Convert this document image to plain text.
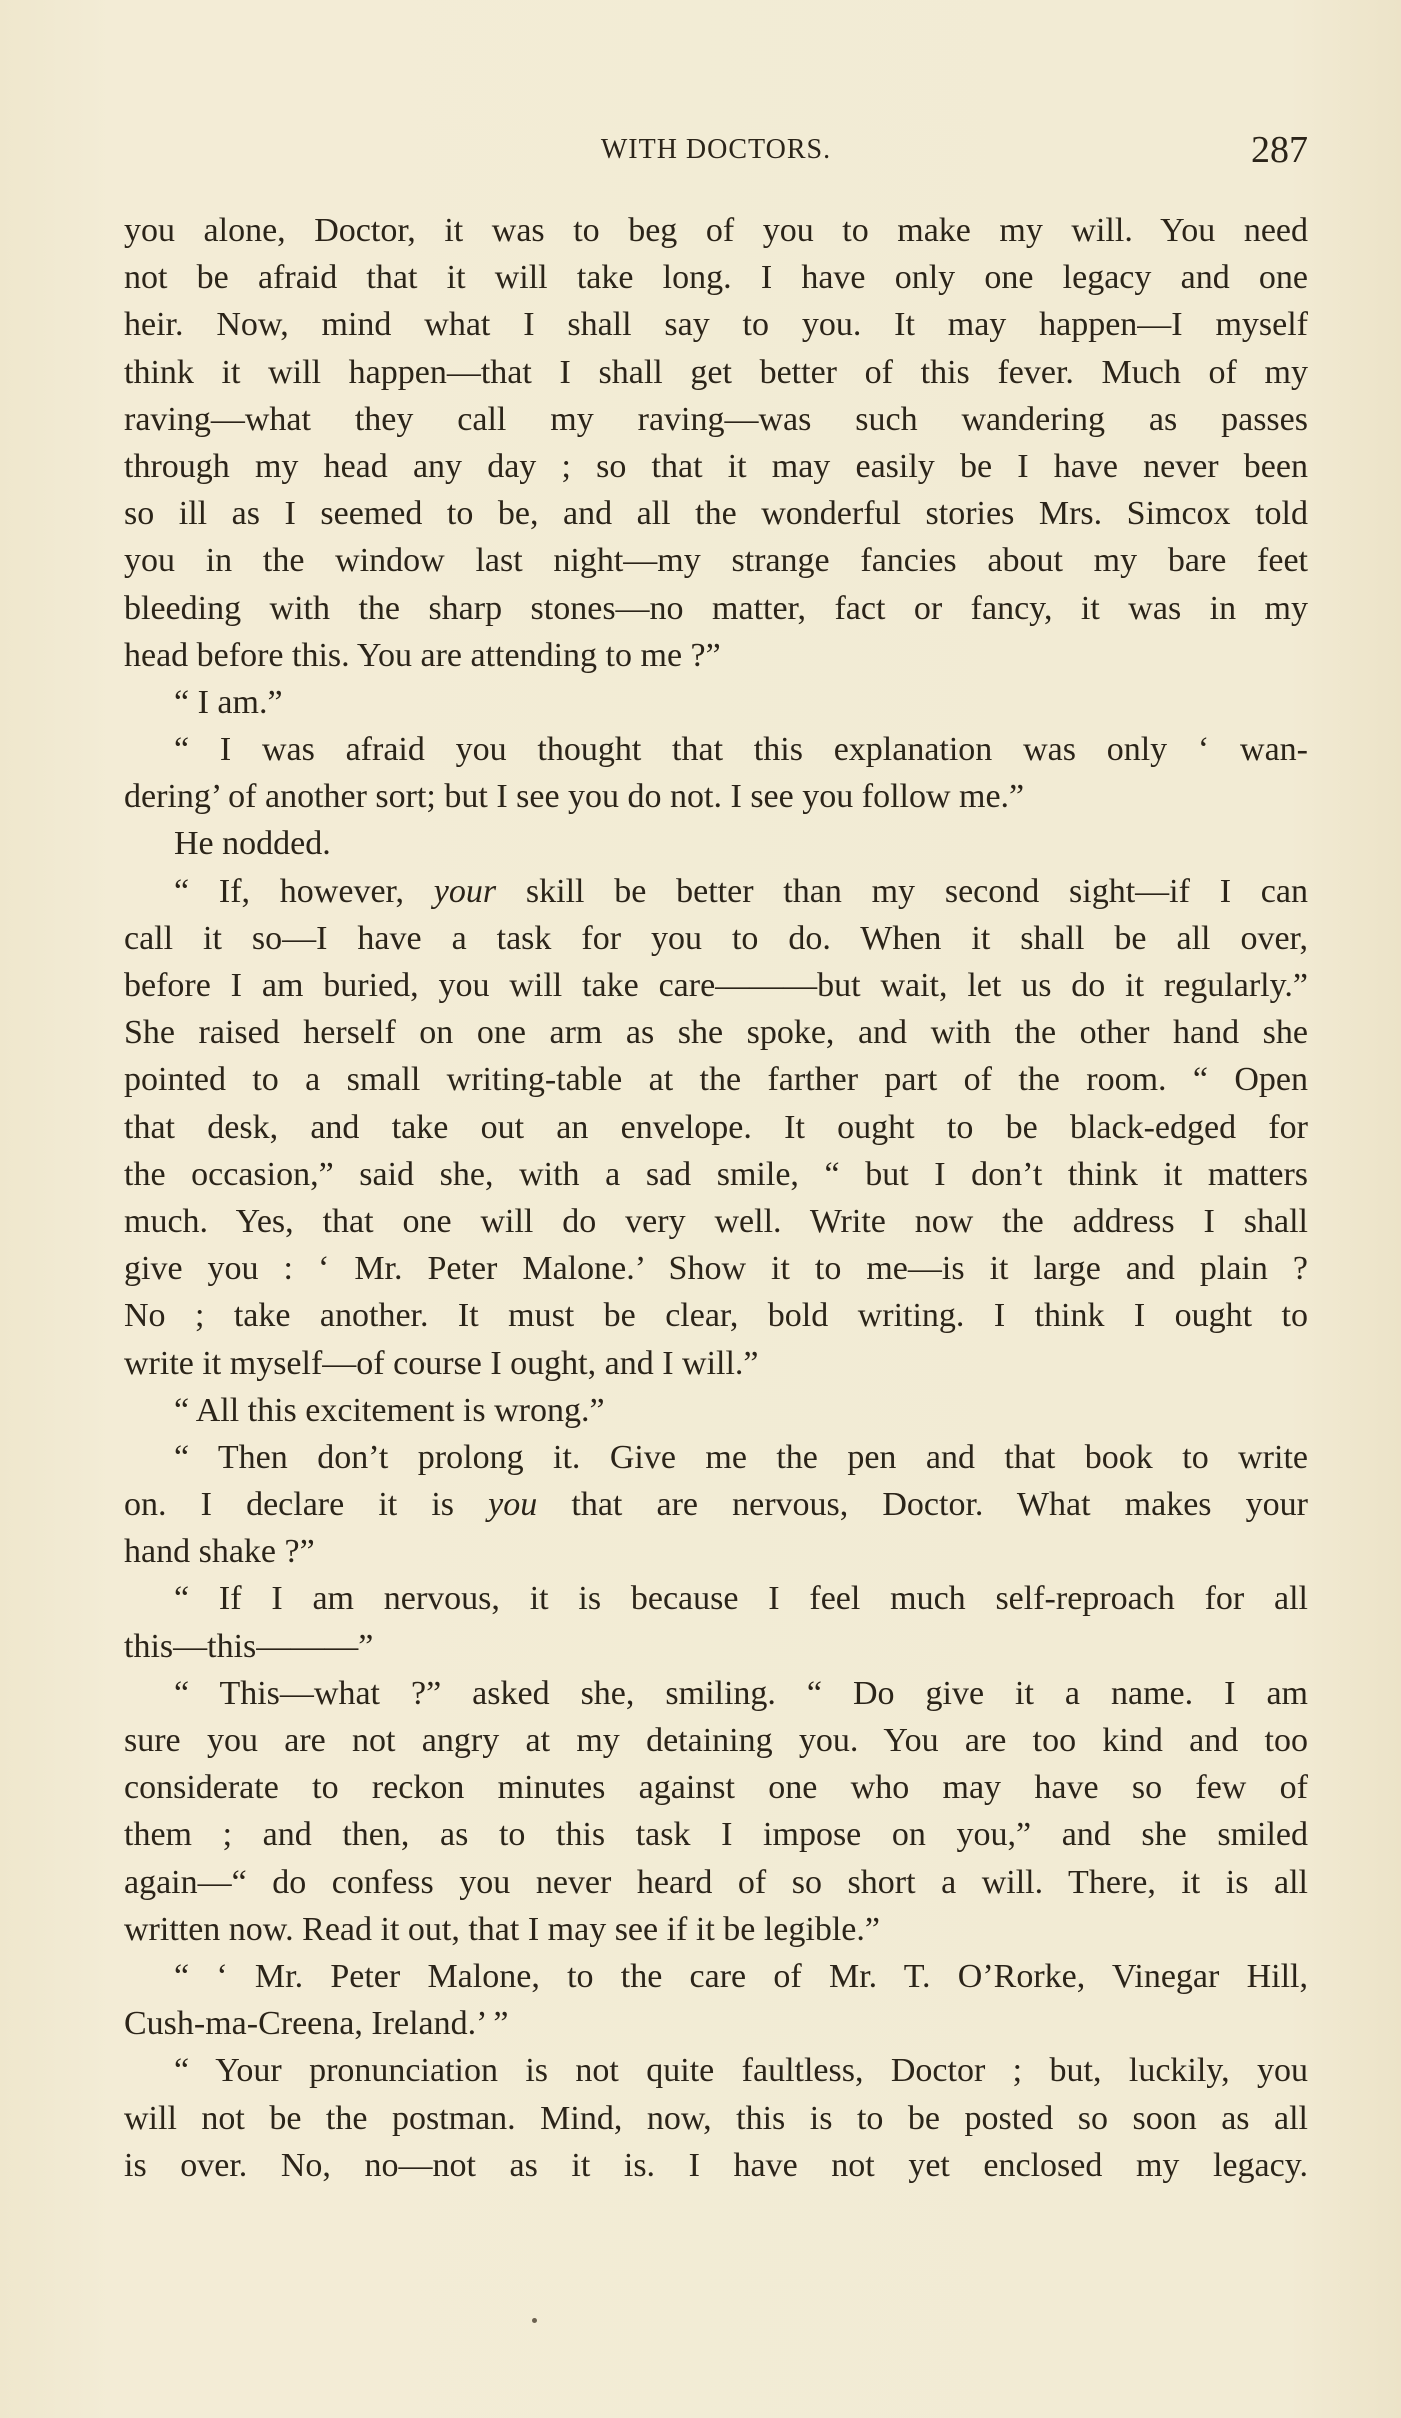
WITH DOCTORS.	287
you alone, Doctor, it was to beg of you to make my will. You need
not be afraid that it will take long. I have only one legacy and one
heir. Now, mind what I shall say to you. It may happen—I myself
think it will happen—that I shall get better of this fever. Much of my
raving—what they call my raving—was such wandering as passes
through my head any day ; so that it may easily be I have never been
so ill as I seemed to be, and all the wonderful stories Mrs. Simcox told
you in the window last night—my strange fancies about my bare feet
bleeding with the sharp stones—no matter, fact or fancy, it was in my
head before this. You are attending to me ?”
“ I am.”
“ I was afraid you thought that this explanation was only ‘ wan-
dering’ of another sort; but I see you do not. I see you follow me.”
He nodded.
“ If, however, your skill be better than my second sight—if I can
call it so—I have a task for you to do. When it shall be all over,
before I am buried, you will take care———but wait, let us do it regularly.”
She raised herself on one arm as she spoke, and with the other hand she
pointed to a small writing-table at the farther part of the room. “ Open
that desk, and take out an envelope. It ought to be black-edged for
the occasion,” said she, with a sad smile, “ but I don’t think it matters
much. Yes, that one will do very well. Write now the address I shall
give you : ‘ Mr. Peter Malone.’ Show it to me—is it large and plain ?
No ; take another. It must be clear, bold writing. I think I ought to
write it myself—of course I ought, and I will.”
“ All this excitement is wrong.”
“ Then don’t prolong it. Give me the pen and that book to write
on. I declare it is you that are nervous, Doctor. What makes your
hand shake ?”
“ If I am nervous, it is because I feel much self-reproach for all
this—this———”
“ This—what ?” asked she, smiling. “ Do give it a name. I am
sure you are not angry at my detaining you. You are too kind and too
considerate to reckon minutes against one who may have so few of
them ; and then, as to this task I impose on you,” and she smiled
again—“ do confess you never heard of so short a will. There, it is all
written now. Read it out, that I may see if it be legible.”
“ ‘ Mr. Peter Malone, to the care of Mr. T. O’Rorke, Vinegar Hill,
Cush-ma-Creena, Ireland.’ ”
“ Your pronunciation is not quite faultless, Doctor ; but, luckily, you
will not be the postman. Mind, now, this is to be posted so soon as all
is over. No, no—not as it is. I have not yet enclosed my legacy.
